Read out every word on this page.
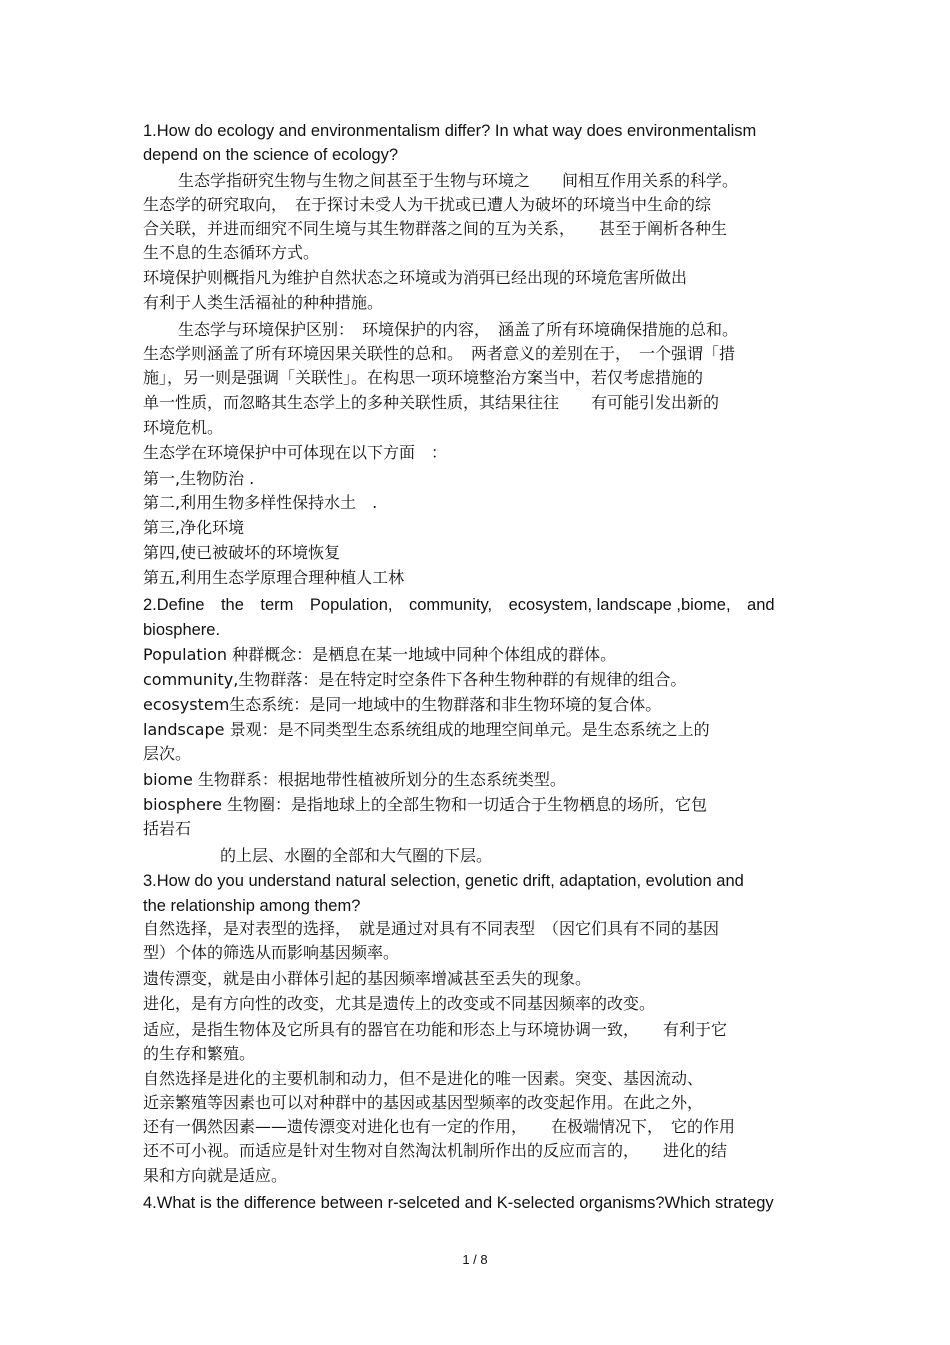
1.How do ecology and environmentalism differ? In what way does environmentalism
depend on the science of ecology?
生态学指研究生物与生物之间甚至于生物与环境之　　间相互作用关系的科学。
生态学的研究取向，　在于探讨未受人为干扰或已遭人为破坏的环境当中生命的综
合关联，并进而细究不同生境与其生物群落之间的互为关系，　　甚至于阐析各种生
生不息的生态循环方式。
环境保护则概指凡为维护自然状态之环境或为消弭已经出现的环境危害所做出
有利于人类生活福祉的种种措施。
生态学与环境保护区别：　环境保护的内容，　涵盖了所有环境确保措施的总和。
生态学则涵盖了所有环境因果关联性的总和。　两者意义的差别在于，　一个强谓「措
施」，另一则是强调「关联性」。在构思一项环境整治方案当中，若仅考虑措施的
单一性质，而忽略其生态学上的多种关联性质，其结果往往　　有可能引发出新的
环境危机。
生态学在环境保护中可体现在以下方面　：
第一,生物防治 .
第二,利用生物多样性保持水土　.
第三,净化环境
第四,使已被破坏的环境恢复
第五,利用生态学原理合理种植人工林
2.Define　the　term　Population,　community,　ecosystem, landscape ,biome,　and
biosphere.
Population 种群概念：是栖息在某一地域中同种个体组成的群体。
community,生物群落：是在特定时空条件下各种生物种群的有规律的组合。
ecosystem生态系统：是同一地域中的生物群落和非生物环境的复合体。
landscape 景观：是不同类型生态系统组成的地理空间单元。是生态系统之上的
层次。
biome 生物群系：根据地带性植被所划分的生态系统类型。
biosphere 生物圈：是指地球上的全部生物和一切适合于生物栖息的场所，它包
括岩石
的上层、水圈的全部和大气圈的下层。
3.How do you understand natural selection, genetic drift, adaptation, evolution and
the relationship among them?
自然选择，是对表型的选择，　就是通过对具有不同表型　（因它们具有不同的基因
型）个体的筛选从而影响基因频率。
遗传漂变，就是由小群体引起的基因频率增减甚至丢失的现象。
进化，是有方向性的改变，尤其是遗传上的改变或不同基因频率的改变。
适应，是指生物体及它所具有的器官在功能和形态上与环境协调一致，　　有利于它
的生存和繁殖。
自然选择是进化的主要机制和动力，但不是进化的唯一因素。突变、基因流动、
近亲繁殖等因素也可以对种群中的基因或基因型频率的改变起作用。在此之外，
还有一偶然因素——遗传漂变对进化也有一定的作用，　　在极端情况下，　它的作用
还不可小视。而适应是针对生物对自然淘汰机制所作出的反应而言的，　　进化的结
果和方向就是适应。
4.What is the difference between r-selceted and K-selected organisms?Which strategy
1 / 8
